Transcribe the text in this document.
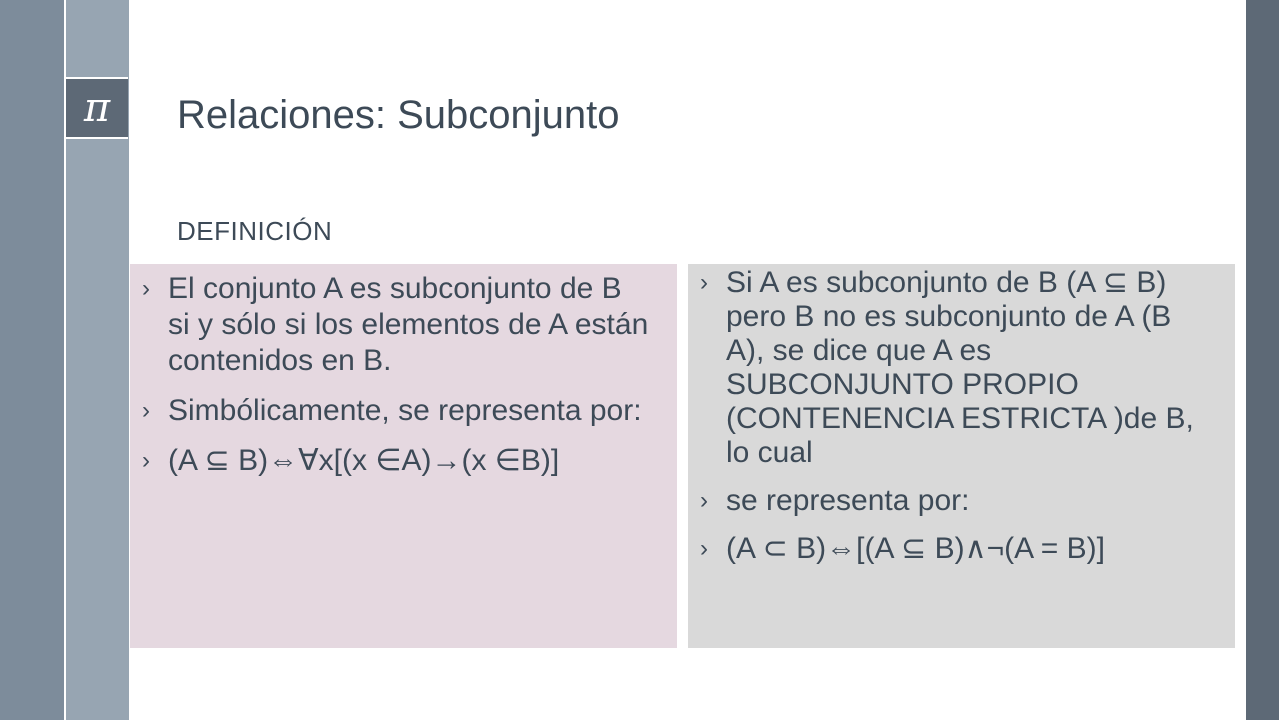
π Relaciones: Subconjunto
DEFINICIÓN
› El conjunto A es subconjunto de B si y sólo si los elementos de A están contenidos en B.
› Simbólicamente, se representa por:
› (A ⊆ B)⇔∀x[(x ∈A)→(x ∈B)]
› Si A es subconjunto de B (A ⊆ B) pero B no es subconjunto de A (B A), se dice que A es SUBCONJUNTO PROPIO (CONTENENCIA ESTRICTA )de B, lo cual
› se representa por:
› (A ⊂ B)⇔[(A ⊆ B)∧¬(A = B)]
